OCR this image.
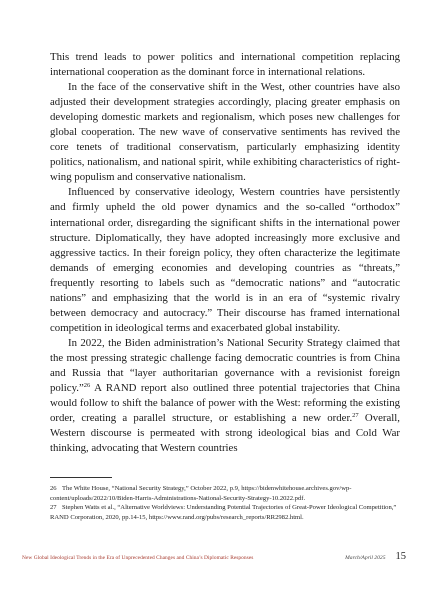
This trend leads to power politics and international competition replacing international cooperation as the dominant force in international relations.

In the face of the conservative shift in the West, other countries have also adjusted their development strategies accordingly, placing greater emphasis on developing domestic markets and regionalism, which poses new challenges for global cooperation. The new wave of conservative sentiments has revived the core tenets of traditional conservatism, particularly emphasizing identity politics, nationalism, and national spirit, while exhibiting characteristics of right-wing populism and conservative nationalism.

Influenced by conservative ideology, Western countries have persistently and firmly upheld the old power dynamics and the so-called “orthodox” international order, disregarding the significant shifts in the international power structure. Diplomatically, they have adopted increasingly more exclusive and aggressive tactics. In their foreign policy, they often characterize the legitimate demands of emerging economies and developing countries as “threats,” frequently resorting to labels such as “democratic nations” and “autocratic nations” and emphasizing that the world is in an era of “systemic rivalry between democracy and autocracy.” Their discourse has framed international competition in ideological terms and exacerbated global instability.

In 2022, the Biden administration’s National Security Strategy claimed that the most pressing strategic challenge facing democratic countries is from China and Russia that “layer authoritarian governance with a revisionist foreign policy.”$^{26}$ A RAND report also outlined three potential trajectories that China would follow to shift the balance of power with the West: reforming the existing order, creating a parallel structure, or establishing a new order.$^{27}$ Overall, Western discourse is permeated with strong ideological bias and Cold War thinking, advocating that Western countries

26 The White House, “National Security Strategy,” October 2022, p.9, https://bidenwhitehouse.archives.gov/wp-content/uploads/2022/10/Biden-Harris-Administrations-National-Security-Strategy-10.2022.pdf.

27 Stephen Watts et al., “Alternative Worldviews: Understanding Potential Trajectories of Great-Power Ideological Competition,” RAND Corporation, 2020, pp.14-15, https://www.rand.org/pubs/research_reports/RR2982.html.

New Global Ideological Trends in the Era of Unprecedented Changes and China’s Diplomatic Responses	March/April 2025 15
